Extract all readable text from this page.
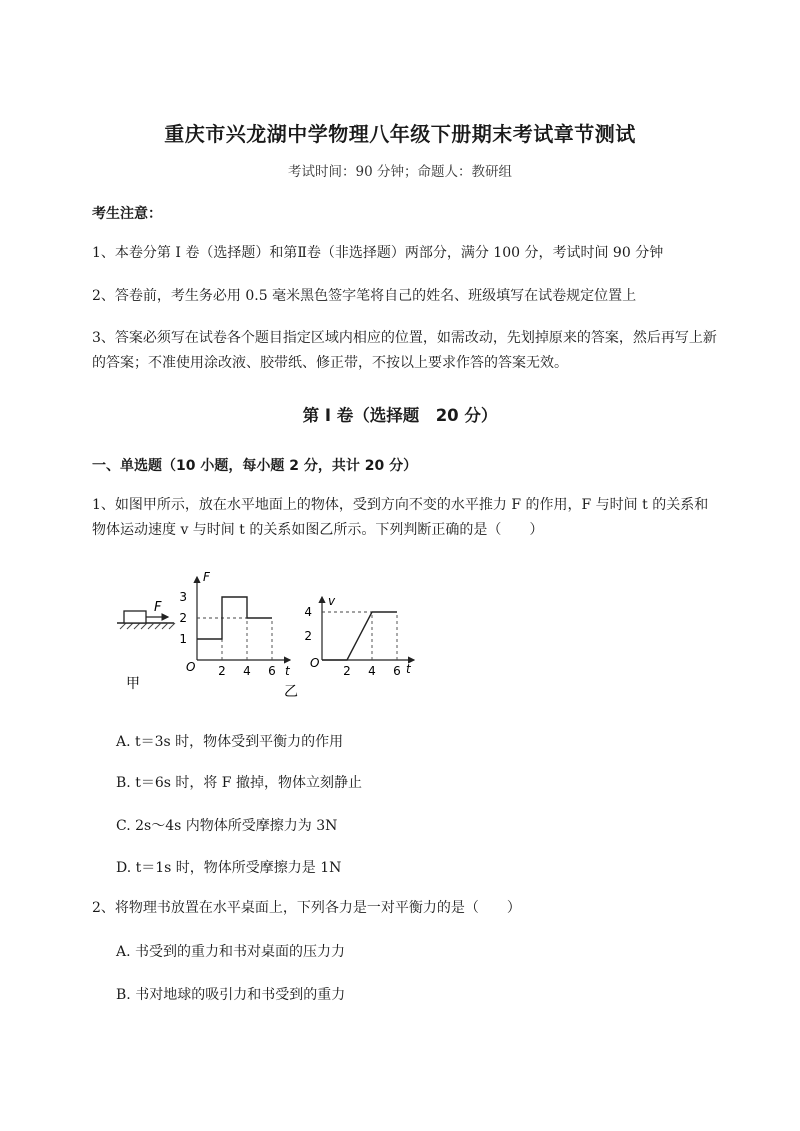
重庆市兴龙湖中学物理八年级下册期末考试章节测试
考试时间：90 分钟；命题人：教研组
考生注意：
1、本卷分第 I 卷（选择题）和第Ⅱ卷（非选择题）两部分，满分 100 分，考试时间 90 分钟
2、答卷前，考生务必用 0.5 毫米黑色签字笔将自己的姓名、班级填写在试卷规定位置上
3、答案必须写在试卷各个题目指定区域内相应的位置，如需改动，先划掉原来的答案，然后再写上新的答案；不准使用涂改液、胶带纸、修正带，不按以上要求作答的答案无效。
第 I 卷（选择题　20 分）
一、单选题（10 小题，每小题 2 分，共计 20 分）
1、如图甲所示，放在水平地面上的物体，受到方向不变的水平推力 F 的作用，F 与时间 t 的关系和物体运动速度 v 与时间 t 的关系如图乙所示。下列判断正确的是（　　）
F
甲
F
t
O
1
2
3
2 4 6
v
t
O
2
4
2 4 6
乙
A. t＝3s 时，物体受到平衡力的作用
B. t＝6s 时，将 F 撤掉，物体立刻静止
C. 2s～4s 内物体所受摩擦力为 3N
D. t＝1s 时，物体所受摩擦力是 1N
2、将物理书放置在水平桌面上，下列各力是一对平衡力的是（　　）
A. 书受到的重力和书对桌面的压力力
B. 书对地球的吸引力和书受到的重力
